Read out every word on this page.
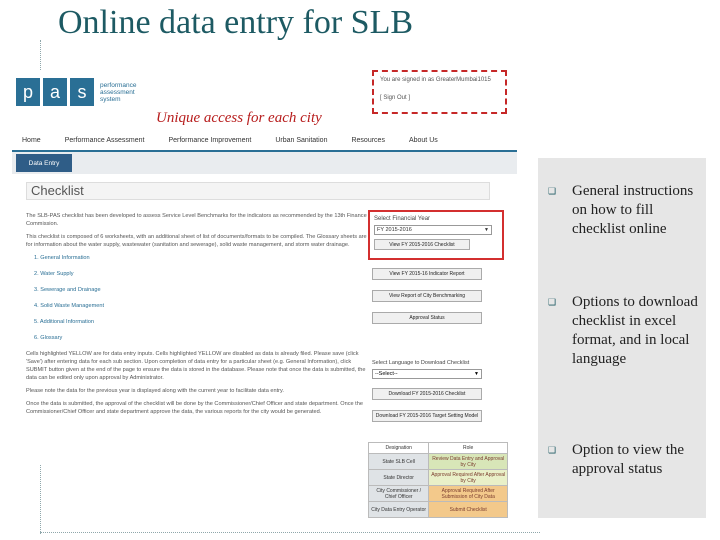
Online data entry for SLB
p a s	performance assessment system
You are signed in as GreaterMumbai1015
[ Sign Out ]
Unique access for each city
Home	Performance Assessment	Performance Improvement	Urban Sanitation	Resources	About Us
Data Entry
Checklist

The SLB-PAS checklist has been developed to assess Service Level Benchmarks for the indicators as recommended by the 13th Finance Commission.

This checklist is composed of 6 worksheets, with an additional sheet of list of documents/formats to be compiled. The Glossary sheets are for information about the water supply, wastewater (sanitation and sewerage), solid waste management, and storm water drainage.

1. General Information
2. Water Supply
3. Sewerage and Drainage
4. Solid Waste Management
5. Additional Information
6. Glossary

Cells highlighted YELLOW are for data entry inputs. Cells highlighted YELLOW are disabled as data is already filed. Please save (click 'Save') after entering data for each sub section. Upon completion of data entry for a particular sheet (e.g. General Information), click SUBMIT button given at the end of the page to ensure the data is stored in the database. Please note that once the data is submitted, the data can be edited only upon approval by Administrator.

Please note the data for the previous year is displayed along with the current year to facilitate data entry.

Once the data is submitted, the approval of the checklist will be done by the Commissioner/Chief Officer and state department. Once the Commissioner/Chief Officer and state department approve the data, the various reports for the city would be generated.

Select Financial Year
FY 2015-2016	▼
View FY 2015-2016 Checklist
View FY 2015-16 Indicator Report
View Report of City Benchmarking
Approval Status
Select Language to Download Checklist
--Select--	▼
Download FY 2015-2016 Checklist
Download FY 2015-2016 Target Setting Model
Designation	Role
State SLB Cell	Review Data Entry and Approval by City
State Director	Approval Required After Approval by City
City Commissioner / Chief Officer	Approval Required After Submission of City Data
City Data Entry Operator	Submit Checklist
❑	General instructions on how to fill checklist online
❑	Options to download checklist in excel format, and in local language
❑	Option to view the approval status
